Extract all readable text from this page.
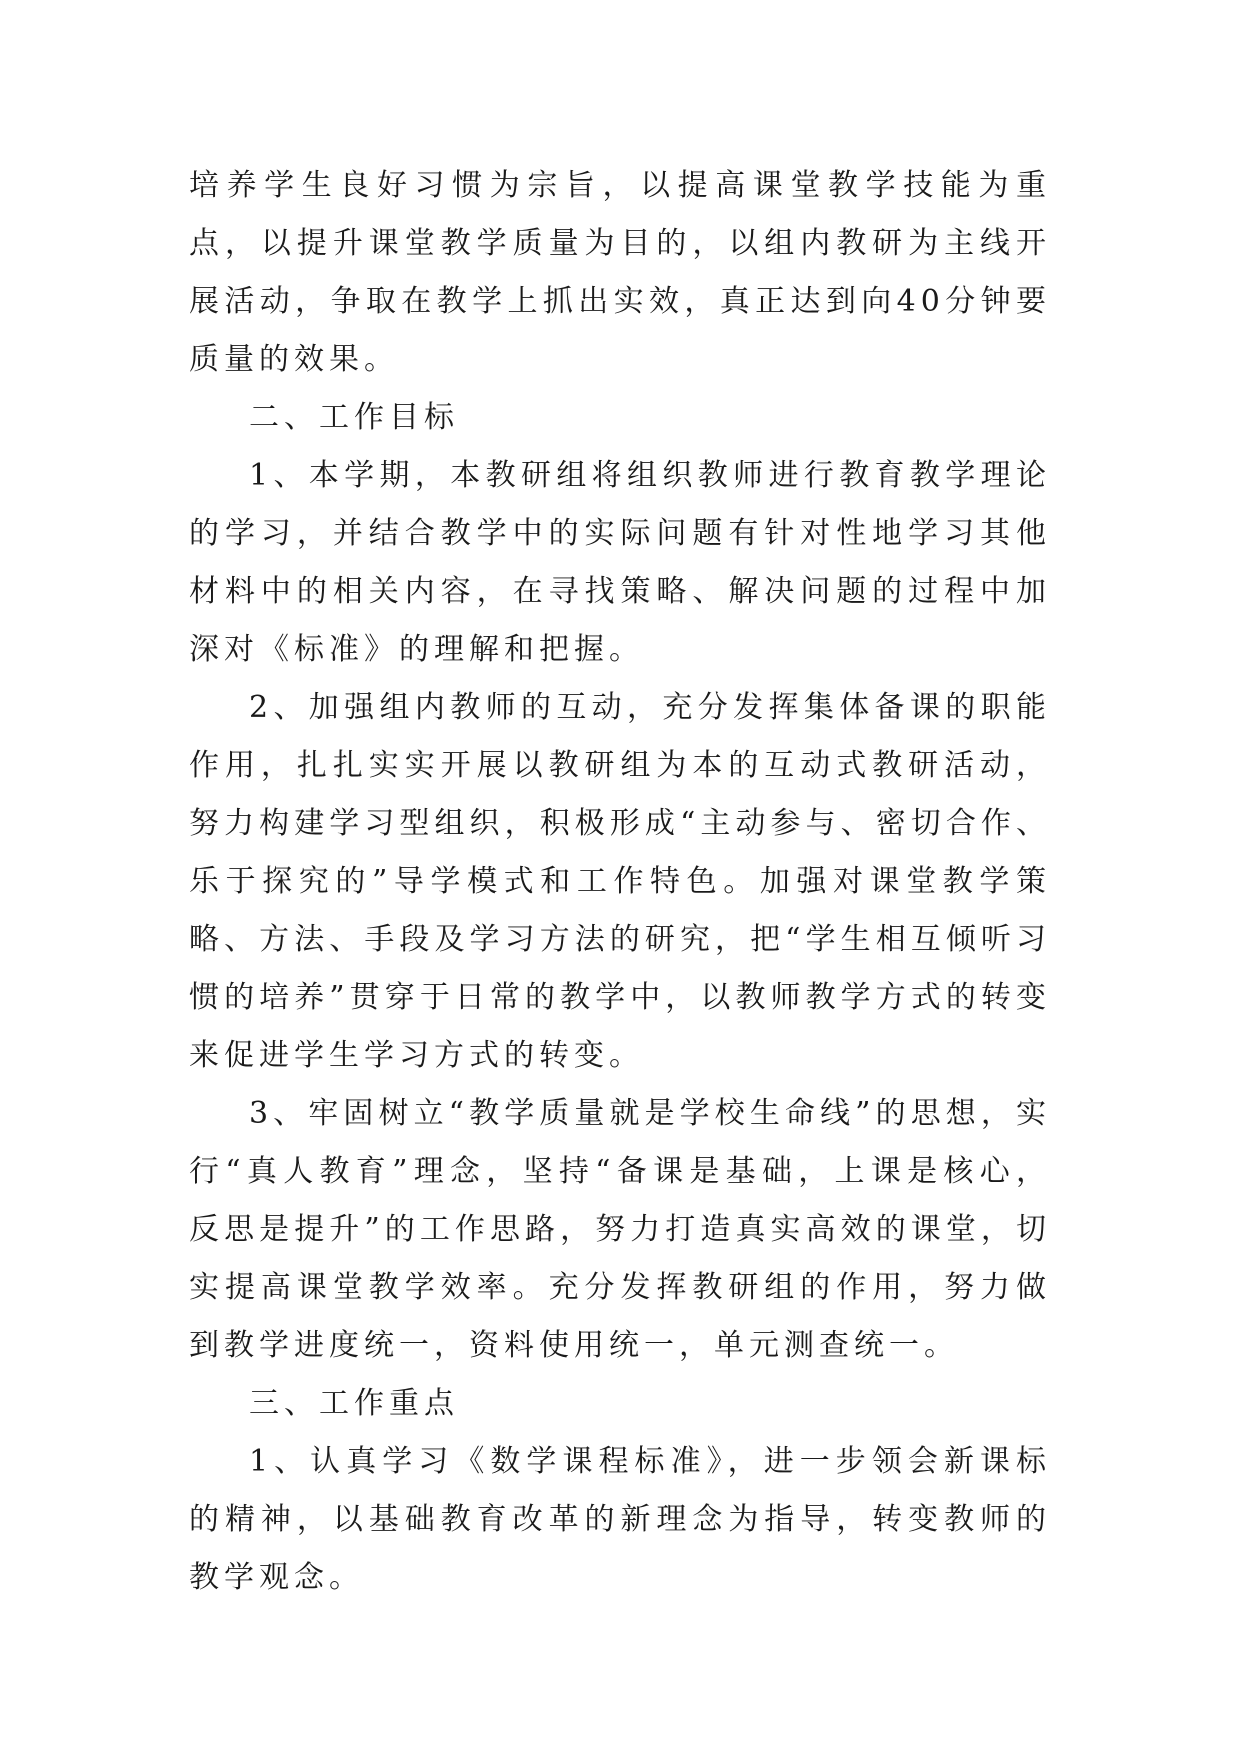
培养学生良好习惯为宗旨，以提高课堂教学技能为重点，以提升课堂教学质量为目的，以组内教研为主线开展活动，争取在教学上抓出实效，真正达到向40分钟要质量的效果。

二、工作目标

1、本学期，本教研组将组织教师进行教育教学理论的学习，并结合教学中的实际问题有针对性地学习其他材料中的相关内容，在寻找策略、解决问题的过程中加深对《标准》的理解和把握。

2、加强组内教师的互动，充分发挥集体备课的职能作用，扎扎实实开展以教研组为本的互动式教研活动，努力构建学习型组织，积极形成“主动参与、密切合作、乐于探究的”导学模式和工作特色。加强对课堂教学策略、方法、手段及学习方法的研究，把“学生相互倾听习惯的培养”贯穿于日常的教学中，以教师教学方式的转变来促进学生学习方式的转变。

3、牢固树立“教学质量就是学校生命线”的思想，实行“真人教育”理念，坚持“备课是基础，上课是核心，反思是提升”的工作思路，努力打造真实高效的课堂，切实提高课堂教学效率。充分发挥教研组的作用，努力做到教学进度统一，资料使用统一，单元测查统一。

三、工作重点

1、认真学习《数学课程标准》，进一步领会新课标的精神，以基础教育改革的新理念为指导，转变教师的教学观念。
